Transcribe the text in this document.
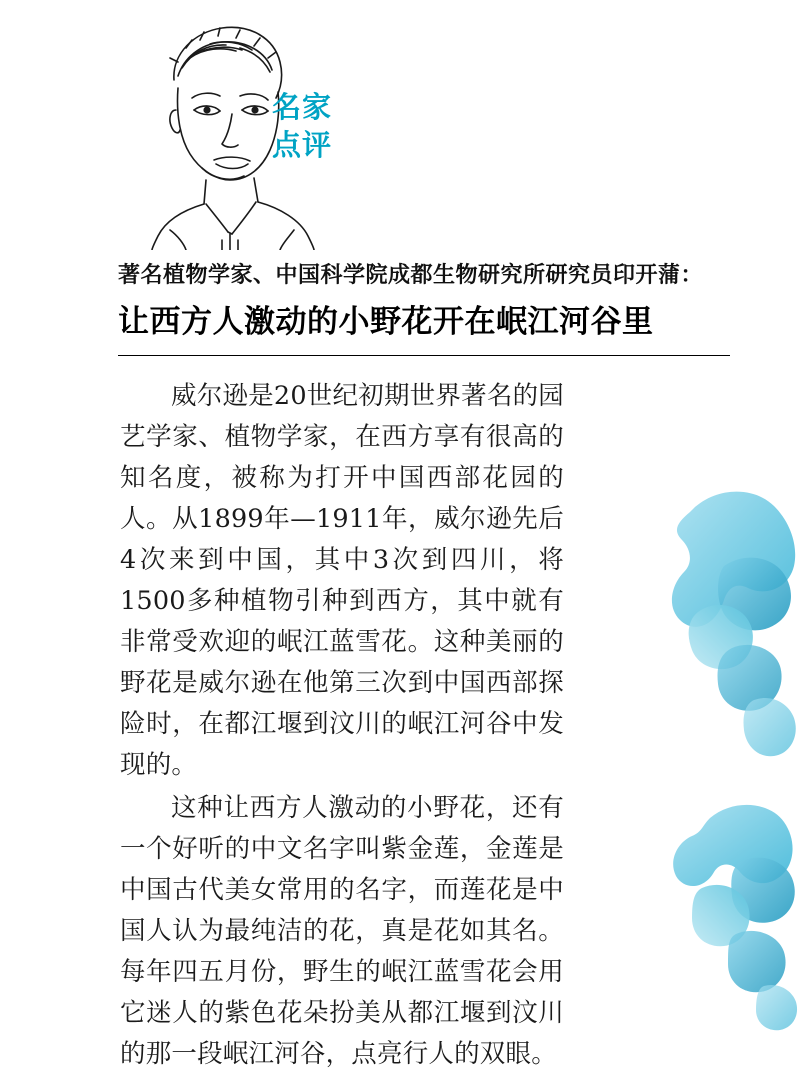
名家
点评
著名植物学家、中国科学院成都生物研究所研究员印开蒲：
让西方人激动的小野花开在岷江河谷里

威尔逊是20世纪初期世界著名的园艺学家、植物学家，在西方享有很高的知名度，被称为打开中国西部花园的人。从1899年—1911年，威尔逊先后4次来到中国，其中3次到四川，将1500多种植物引种到西方，其中就有非常受欢迎的岷江蓝雪花。这种美丽的野花是威尔逊在他第三次到中国西部探险时，在都江堰到汶川的岷江河谷中发现的。

这种让西方人激动的小野花，还有一个好听的中文名字叫紫金莲，金莲是中国古代美女常用的名字，而莲花是中国人认为最纯洁的花，真是花如其名。每年四五月份，野生的岷江蓝雪花会用它迷人的紫色花朵扮美从都江堰到汶川的那一段岷江河谷，点亮行人的双眼。
